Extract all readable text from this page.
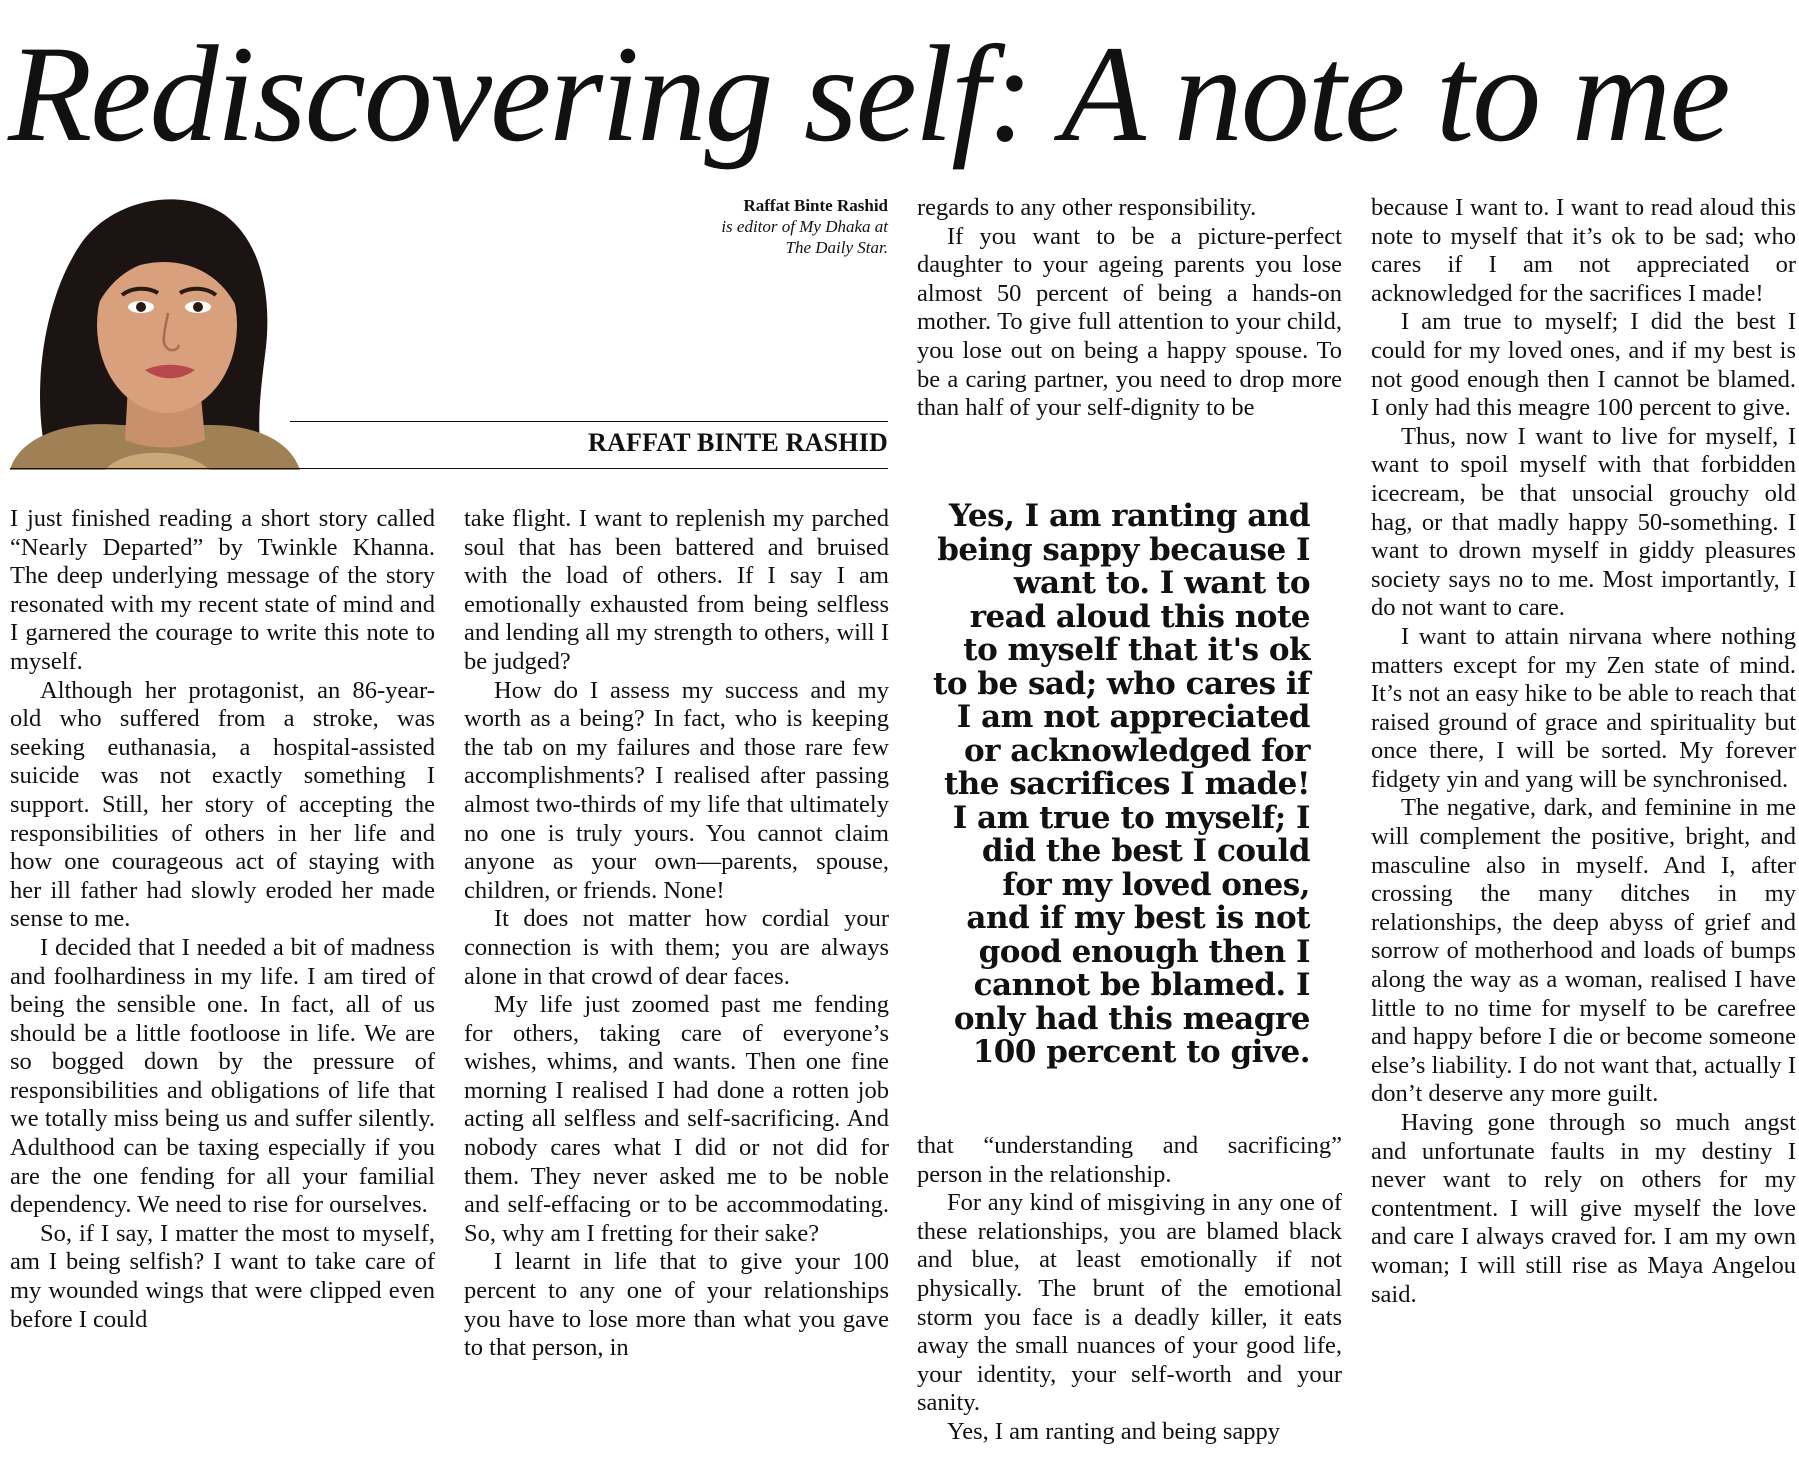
Rediscovering self: A note to me
Raffat Binte Rashid
is editor of My Dhaka at
The Daily Star.
RAFFAT BINTE RASHID

I just finished reading a short story called “Nearly Departed” by Twinkle Khanna. The deep underlying message of the story resonated with my recent state of mind and I garnered the courage to write this note to myself.

Although her protagonist, an 86-year-old who suffered from a stroke, was seeking euthanasia, a hospital-assisted suicide was not exactly something I support. Still, her story of accepting the responsibilities of others in her life and how one courageous act of staying with her ill father had slowly eroded her made sense to me.

I decided that I needed a bit of madness and foolhardiness in my life. I am tired of being the sensible one. In fact, all of us should be a little footloose in life. We are so bogged down by the pressure of responsibilities and obligations of life that we totally miss being us and suffer silently. Adulthood can be taxing especially if you are the one fending for all your familial dependency. We need to rise for ourselves.

So, if I say, I matter the most to myself, am I being selfish? I want to take care of my wounded wings that were clipped even before I could

take flight. I want to replenish my parched soul that has been battered and bruised with the load of others. If I say I am emotionally exhausted from being selfless and lending all my strength to others, will I be judged?

How do I assess my success and my worth as a being? In fact, who is keeping the tab on my failures and those rare few accomplishments? I realised after passing almost two-thirds of my life that ultimately no one is truly yours. You cannot claim anyone as your own—parents, spouse, children, or friends. None!

It does not matter how cordial your connection is with them; you are always alone in that crowd of dear faces.

My life just zoomed past me fending for others, taking care of everyone’s wishes, whims, and wants. Then one fine morning I realised I had done a rotten job acting all selfless and self-sacrificing. And nobody cares what I did or not did for them. They never asked me to be noble and self-effacing or to be accommodating. So, why am I fretting for their sake?

I learnt in life that to give your 100 percent to any one of your relationships you have to lose more than what you gave to that person, in

regards to any other responsibility.

If you want to be a picture-perfect daughter to your ageing parents you lose almost 50 percent of being a hands-on mother. To give full attention to your child, you lose out on being a happy spouse. To be a caring partner, you need to drop more than half of your self-dignity to be

Yes, I am ranting and being sappy because I want to. I want to read aloud this note to myself that it's ok to be sad; who cares if I am not appreciated or acknowledged for the sacrifices I made! I am true to myself; I did the best I could for my loved ones, and if my best is not good enough then I cannot be blamed. I only had this meagre 100 percent to give.

that “understanding and sacrificing” person in the relationship.

For any kind of misgiving in any one of these relationships, you are blamed black and blue, at least emotionally if not physically. The brunt of the emotional storm you face is a deadly killer, it eats away the small nuances of your good life, your identity, your self-worth and your sanity.

Yes, I am ranting and being sappy

because I want to. I want to read aloud this note to myself that it’s ok to be sad; who cares if I am not appreciated or acknowledged for the sacrifices I made!

I am true to myself; I did the best I could for my loved ones, and if my best is not good enough then I cannot be blamed. I only had this meagre 100 percent to give.

Thus, now I want to live for myself, I want to spoil myself with that forbidden icecream, be that unsocial grouchy old hag, or that madly happy 50-something. I want to drown myself in giddy pleasures society says no to me. Most importantly, I do not want to care.

I want to attain nirvana where nothing matters except for my Zen state of mind. It’s not an easy hike to be able to reach that raised ground of grace and spirituality but once there, I will be sorted. My forever fidgety yin and yang will be synchronised.

The negative, dark, and feminine in me will complement the positive, bright, and masculine also in myself. And I, after crossing the many ditches in my relationships, the deep abyss of grief and sorrow of motherhood and loads of bumps along the way as a woman, realised I have little to no time for myself to be carefree and happy before I die or become someone else’s liability. I do not want that, actually I don’t deserve any more guilt.

Having gone through so much angst and unfortunate faults in my destiny I never want to rely on others for my contentment. I will give myself the love and care I always craved for. I am my own woman; I will still rise as Maya Angelou said.
